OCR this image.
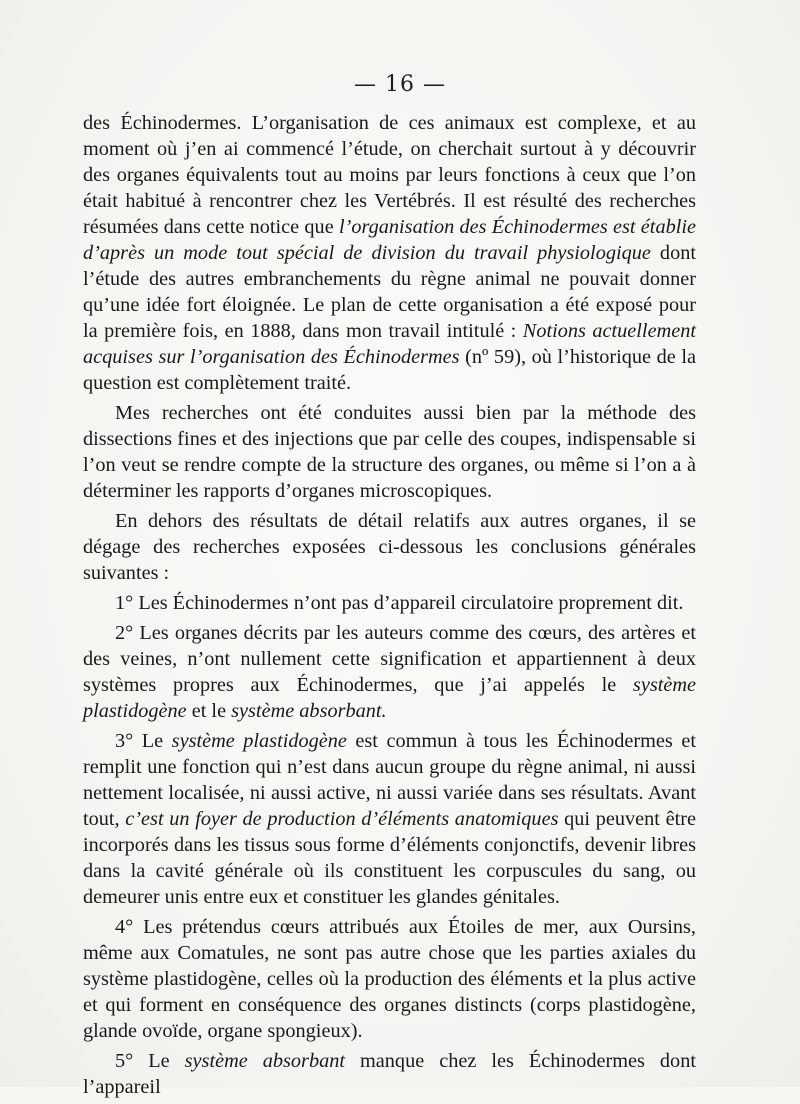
— 16 —

des Échinodermes. L’organisation de ces animaux est complexe, et au moment où j’en ai commencé l’étude, on cherchait surtout à y découvrir des organes équivalents tout au moins par leurs fonctions à ceux que l’on était habitué à rencontrer chez les Vertébrés. Il est résulté des recherches résumées dans cette notice que l’organisation des Échinodermes est établie d’après un mode tout spécial de division du travail physiologique dont l’étude des autres embranchements du règne animal ne pouvait donner qu’une idée fort éloignée. Le plan de cette organisation a été exposé pour la première fois, en 1888, dans mon travail intitulé : Notions actuellement acquises sur l’organisation des Échinodermes (nº 59), où l’historique de la question est complètement traité.

Mes recherches ont été conduites aussi bien par la méthode des dissections fines et des injections que par celle des coupes, indispensable si l’on veut se rendre compte de la structure des organes, ou même si l’on a à déterminer les rapports d’organes microscopiques.

En dehors des résultats de détail relatifs aux autres organes, il se dégage des recherches exposées ci-dessous les conclusions générales suivantes :

1° Les Échinodermes n’ont pas d’appareil circulatoire proprement dit.

2° Les organes décrits par les auteurs comme des cœurs, des artères et des veines, n’ont nullement cette signification et appartiennent à deux systèmes propres aux Échinodermes, que j’ai appelés le système plastidogène et le système absorbant.

3° Le système plastidogène est commun à tous les Échinodermes et remplit une fonction qui n’est dans aucun groupe du règne animal, ni aussi nettement localisée, ni aussi active, ni aussi variée dans ses résultats. Avant tout, c’est un foyer de production d’éléments anatomiques qui peuvent être incorporés dans les tissus sous forme d’éléments conjonctifs, devenir libres dans la cavité générale où ils constituent les corpuscules du sang, ou demeurer unis entre eux et constituer les glandes génitales.

4° Les prétendus cœurs attribués aux Étoiles de mer, aux Oursins, même aux Comatules, ne sont pas autre chose que les parties axiales du système plastidogène, celles où la production des éléments et la plus active et qui forment en conséquence des organes distincts (corps plastidogène, glande ovoïde, organe spongieux).

5° Le système absorbant manque chez les Échinodermes dont l’appareil
